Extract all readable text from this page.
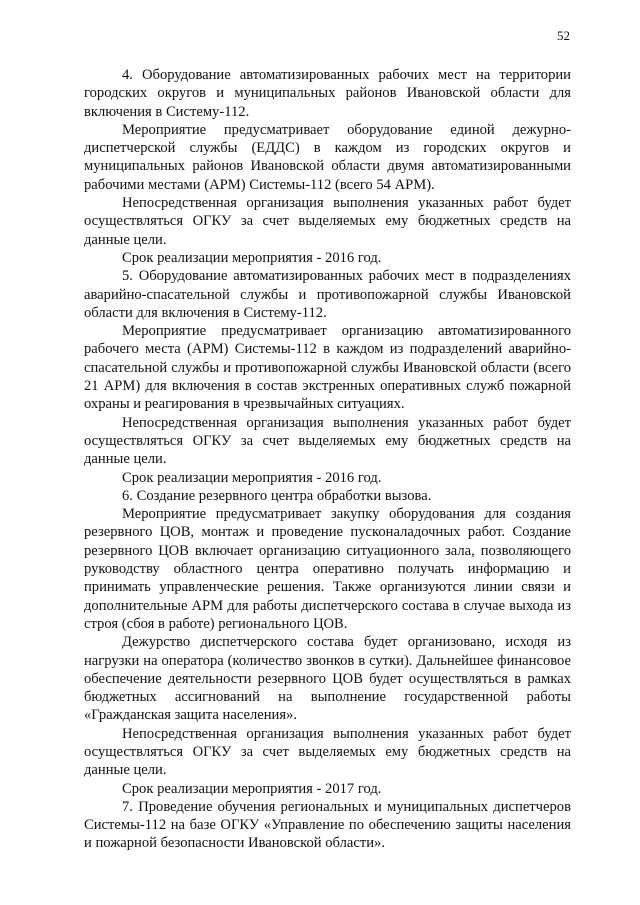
52

4. Оборудование автоматизированных рабочих мест на территории городских округов и муниципальных районов Ивановской области для включения в Систему-112.

Мероприятие предусматривает оборудование единой дежурно-диспетчерской службы (ЕДДС) в каждом из городских округов и муниципальных районов Ивановской области двумя автоматизированными рабочими местами (АРМ) Системы-112 (всего 54 АРМ).

Непосредственная организация выполнения указанных работ будет осуществляться ОГКУ за счет выделяемых ему бюджетных средств на данные цели.

Срок реализации мероприятия - 2016 год.

5. Оборудование автоматизированных рабочих мест в подразделениях аварийно-спасательной службы и противопожарной службы Ивановской области для включения в Систему-112.

Мероприятие предусматривает организацию автоматизированного рабочего места (АРМ) Системы-112 в каждом из подразделений аварийно-спасательной службы и противопожарной службы Ивановской области (всего 21 АРМ) для включения в состав экстренных оперативных служб пожарной охраны и реагирования в чрезвычайных ситуациях.

Непосредственная организация выполнения указанных работ будет осуществляться ОГКУ за счет выделяемых ему бюджетных средств на данные цели.

Срок реализации мероприятия - 2016 год.

6. Создание резервного центра обработки вызова.

Мероприятие предусматривает закупку оборудования для создания резервного ЦОВ, монтаж и проведение пусконаладочных работ. Создание резервного ЦОВ включает организацию ситуационного зала, позволяющего руководству областного центра оперативно получать информацию и принимать управленческие решения. Также организуются линии связи и дополнительные АРМ для работы диспетчерского состава в случае выхода из строя (сбоя в работе) регионального ЦОВ.

Дежурство диспетчерского состава будет организовано, исходя из нагрузки на оператора (количество звонков в сутки). Дальнейшее финансовое обеспечение деятельности резервного ЦОВ будет осуществляться в рамках бюджетных ассигнований на выполнение государственной работы «Гражданская защита населения».

Непосредственная организация выполнения указанных работ будет осуществляться ОГКУ за счет выделяемых ему бюджетных средств на данные цели.

Срок реализации мероприятия - 2017 год.

7. Проведение обучения региональных и муниципальных диспетчеров Системы-112 на базе ОГКУ «Управление по обеспечению защиты населения и пожарной безопасности Ивановской области».
